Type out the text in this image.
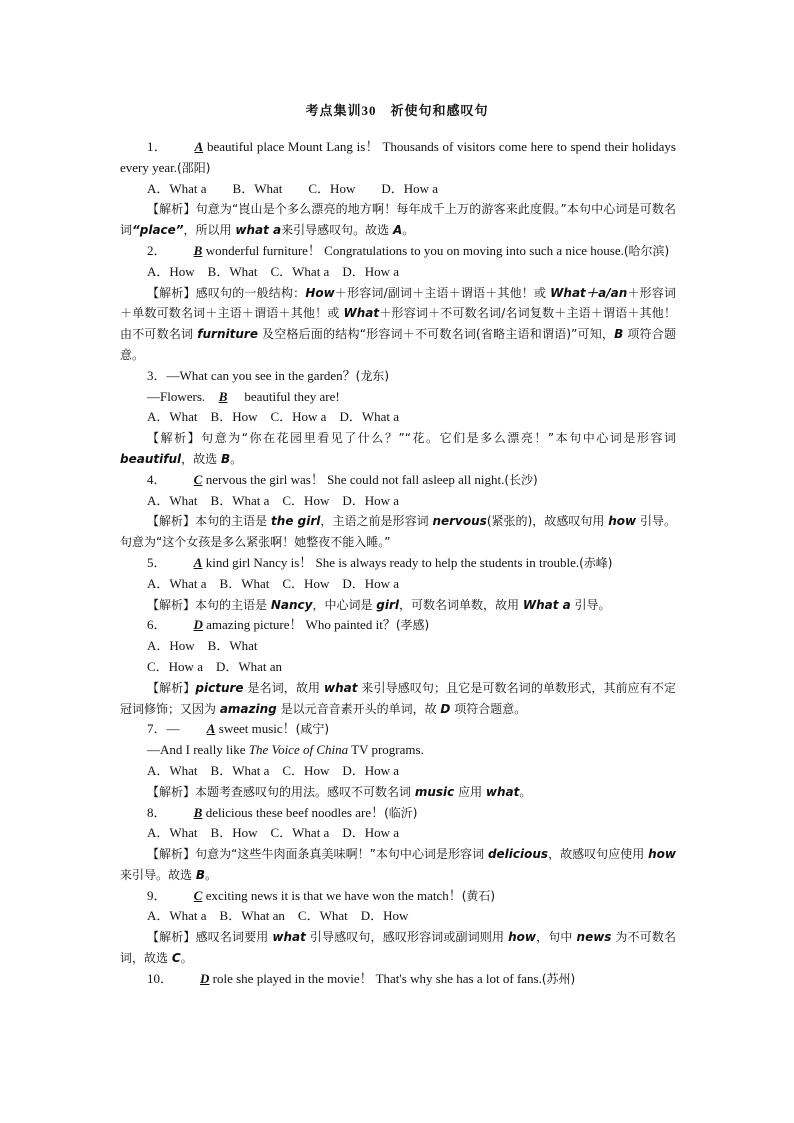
考点集训30　祈使句和感叹句

1． A beautiful place Mount Lang is！ Thousands of visitors come here to spend their holidays every year.(邵阳)

A．What a　　B．What　　C．How　　D．How a

【解析】句意为“崀山是个多么漂亮的地方啊！每年成千上万的游客来此度假。”本句中心词是可数名词“place”，所以用 what a来引导感叹句。故选 A。

2． B wonderful furniture！ Congratulations to you on moving into such a nice house.(哈尔滨)

A．How　B．What　C．What a　D．How a

【解析】感叹句的一般结构：How＋形容词/副词＋主语＋谓语＋其他！或 What＋a/an＋形容词＋单数可数名词＋主语＋谓语＋其他！或 What＋形容词＋不可数名词/名词复数＋主语＋谓语＋其他！由不可数名词 furniture 及空格后面的结构“形容词＋不可数名词(省略主语和谓语)”可知，B 项符合题意。

3．—What can you see in the garden？(龙东)

—Flowers. B beautiful they are!

A．What　B．How　C．How a　D．What a

【解析】句意为“你在花园里看见了什么？”“花。它们是多么漂亮！”本句中心词是形容词 beautiful，故选 B。

4． C nervous the girl was！ She could not fall asleep all night.(长沙)

A．What　B．What a　C．How　D．How a

【解析】本句的主语是 the girl，主语之前是形容词 nervous(紧张的)，故感叹句用 how 引导。句意为“这个女孩是多么紧张啊！她整夜不能入睡。”

5． A kind girl Nancy is！ She is always ready to help the students in trouble.(赤峰)

A．What a　B．What　C．How　D．How a

【解析】本句的主语是 Nancy，中心词是 girl，可数名词单数，故用 What a 引导。

6． D amazing picture！ Who painted it？(孝感)

A．How　B．What

C．How a　D．What an

【解析】picture 是名词，故用 what 来引导感叹句；且它是可数名词的单数形式，其前应有不定冠词修饰；又因为 amazing 是以元音音素开头的单词，故 D 项符合题意。

7．— A sweet music！(咸宁)

—And I really like The Voice of China TV programs.

A．What　B．What a　C．How　D．How a

【解析】本题考查感叹句的用法。感叹不可数名词 music 应用 what。

8． B delicious these beef noodles are！(临沂)

A．What　B．How　C．What a　D．How a

【解析】句意为“这些牛肉面条真美味啊！”本句中心词是形容词 delicious，故感叹句应使用 how 来引导。故选 B。

9． C exciting news it is that we have won the match！(黄石)

A．What a　B．What an　C．What　D．How

【解析】感叹名词要用 what 引导感叹句，感叹形容词或副词则用 how，句中 news 为不可数名词，故选 C。

10． D role she played in the movie！ That's why she has a lot of fans.(苏州)
